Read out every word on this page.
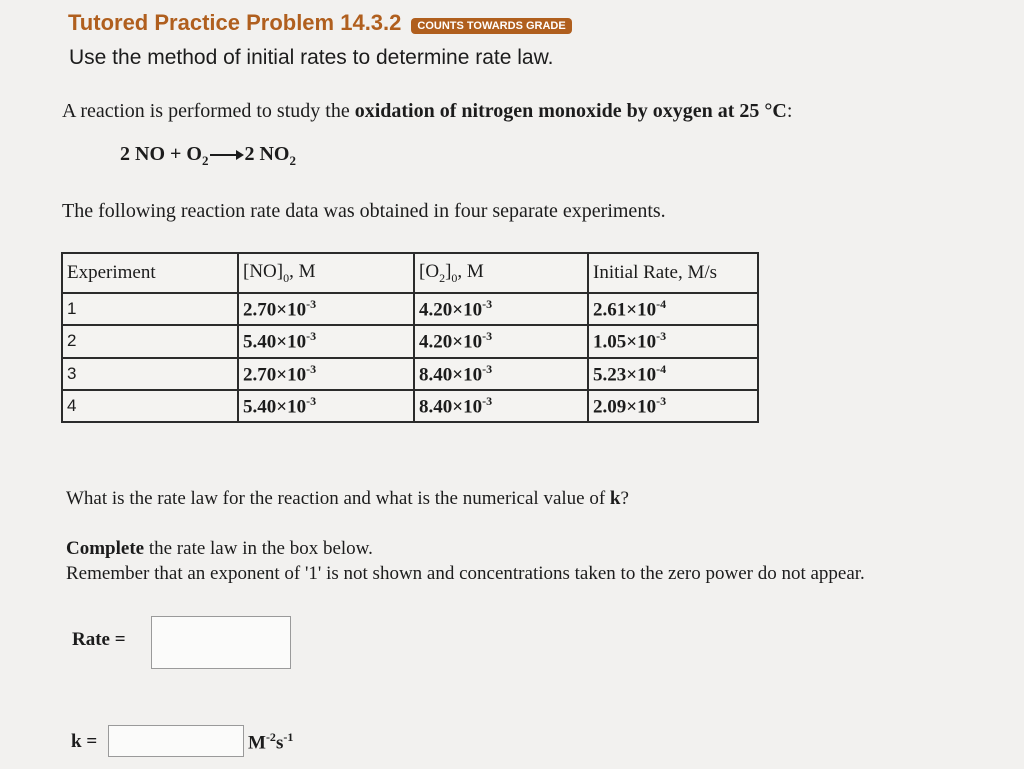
Tutored Practice Problem 14.3.2	COUNTS TOWARDS GRADE
Use the method of initial rates to determine rate law.
A reaction is performed to study the oxidation of nitrogen monoxide by oxygen at 25 °C:
2 NO + $O_2 \to 2$ $NO_2$
The following reaction rate data was obtained in four separate experiments.
Experiment	$[NO]_0$, M	$[O_2]_0$, M	Initial Rate, M/s
1	$2.70\times 10^{-3}$	$4.20\times 10^{-3}$	$2.61\times 10^{-4}$
2	$5.40\times 10^{-3}$	$4.20\times 10^{-3}$	$1.05\times 10^{-3}$
3	$2.70\times 10^{-3}$	$8.40\times 10^{-3}$	$5.23\times 10^{-4}$
4	$5.40\times 10^{-3}$	$8.40\times 10^{-3}$	$2.09\times 10^{-3}$
What is the rate law for the reaction and what is the numerical value of k?
Complete the rate law in the box below.
Remember that an exponent of '1' is not shown and concentrations taken to the zero power do not appear.
Rate =
k =	$M^{-2}s^{-1}$
